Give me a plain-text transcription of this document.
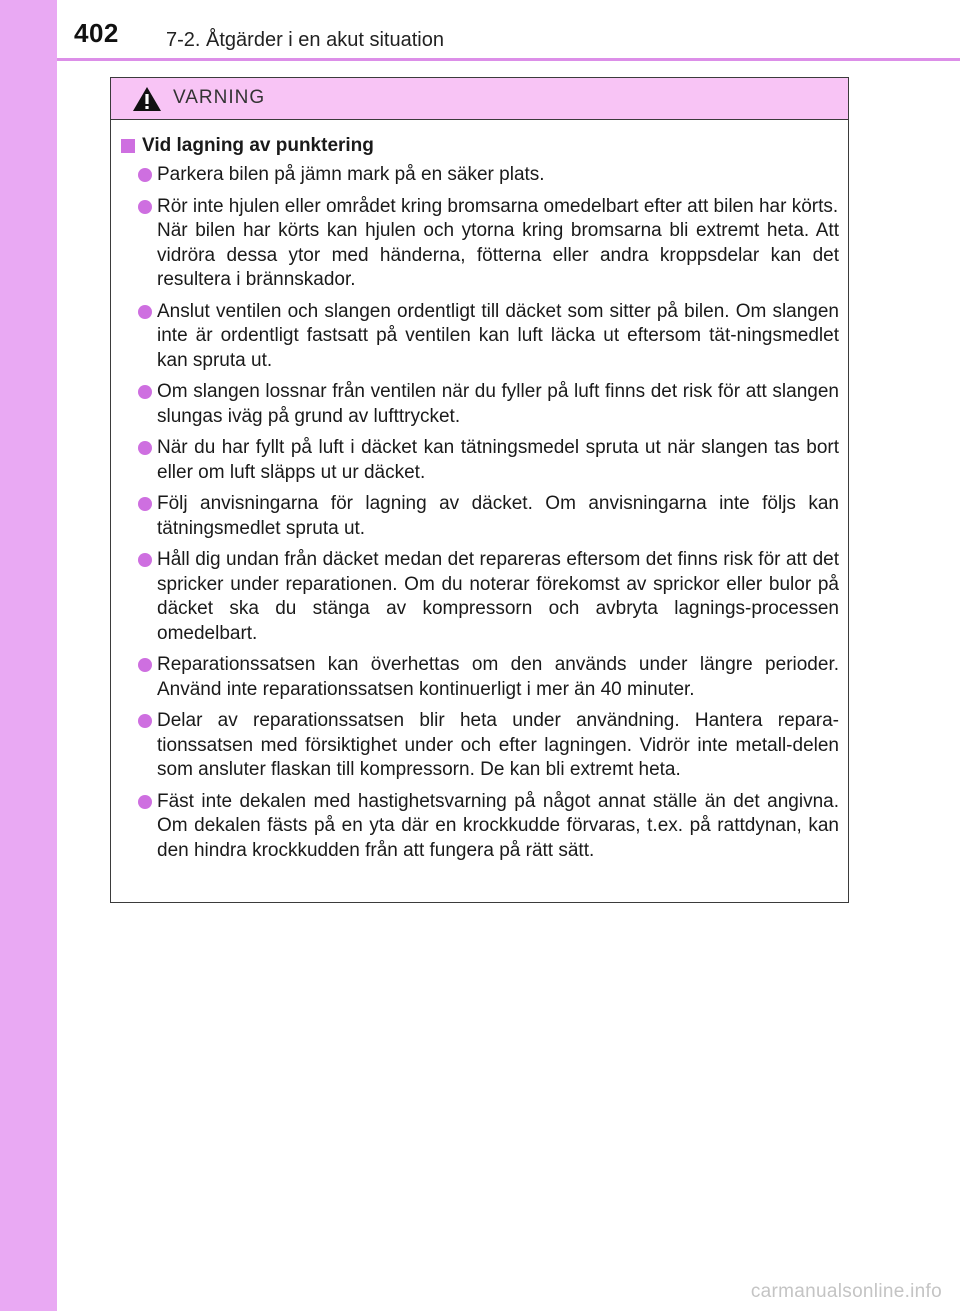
402 7-2. Åtgärder i en akut situation
VARNING
Vid lagning av punktering
Parkera bilen på jämn mark på en säker plats.
Rör inte hjulen eller området kring bromsarna omedelbart efter att bilen har körts.
När bilen har körts kan hjulen och ytorna kring bromsarna bli extremt heta. Att vidröra dessa ytor med händerna, fötterna eller andra kroppsdelar kan det resultera i brännskador.
Anslut ventilen och slangen ordentligt till däcket som sitter på bilen. Om slangen inte är ordentligt fastsatt på ventilen kan luft läcka ut eftersom tät-ningsmedlet kan spruta ut.
Om slangen lossnar från ventilen när du fyller på luft finns det risk för att slangen slungas iväg på grund av lufttrycket.
När du har fyllt på luft i däcket kan tätningsmedel spruta ut när slangen tas bort eller om luft släpps ut ur däcket.
Följ anvisningarna för lagning av däcket. Om anvisningarna inte följs kan tätningsmedlet spruta ut.
Håll dig undan från däcket medan det repareras eftersom det finns risk för att det spricker under reparationen. Om du noterar förekomst av sprickor eller bulor på däcket ska du stänga av kompressorn och avbryta lagnings-processen omedelbart.
Reparationssatsen kan överhettas om den används under längre perioder. Använd inte reparationssatsen kontinuerligt i mer än 40 minuter.
Delar av reparationssatsen blir heta under användning. Hantera repara-tionssatsen med försiktighet under och efter lagningen. Vidrör inte metall-delen som ansluter flaskan till kompressorn. De kan bli extremt heta.
Fäst inte dekalen med hastighetsvarning på något annat ställe än det angivna. Om dekalen fästs på en yta där en krockkudde förvaras, t.ex. på rattdynan, kan den hindra krockkudden från att fungera på rätt sätt.
carmanualsonline.info
